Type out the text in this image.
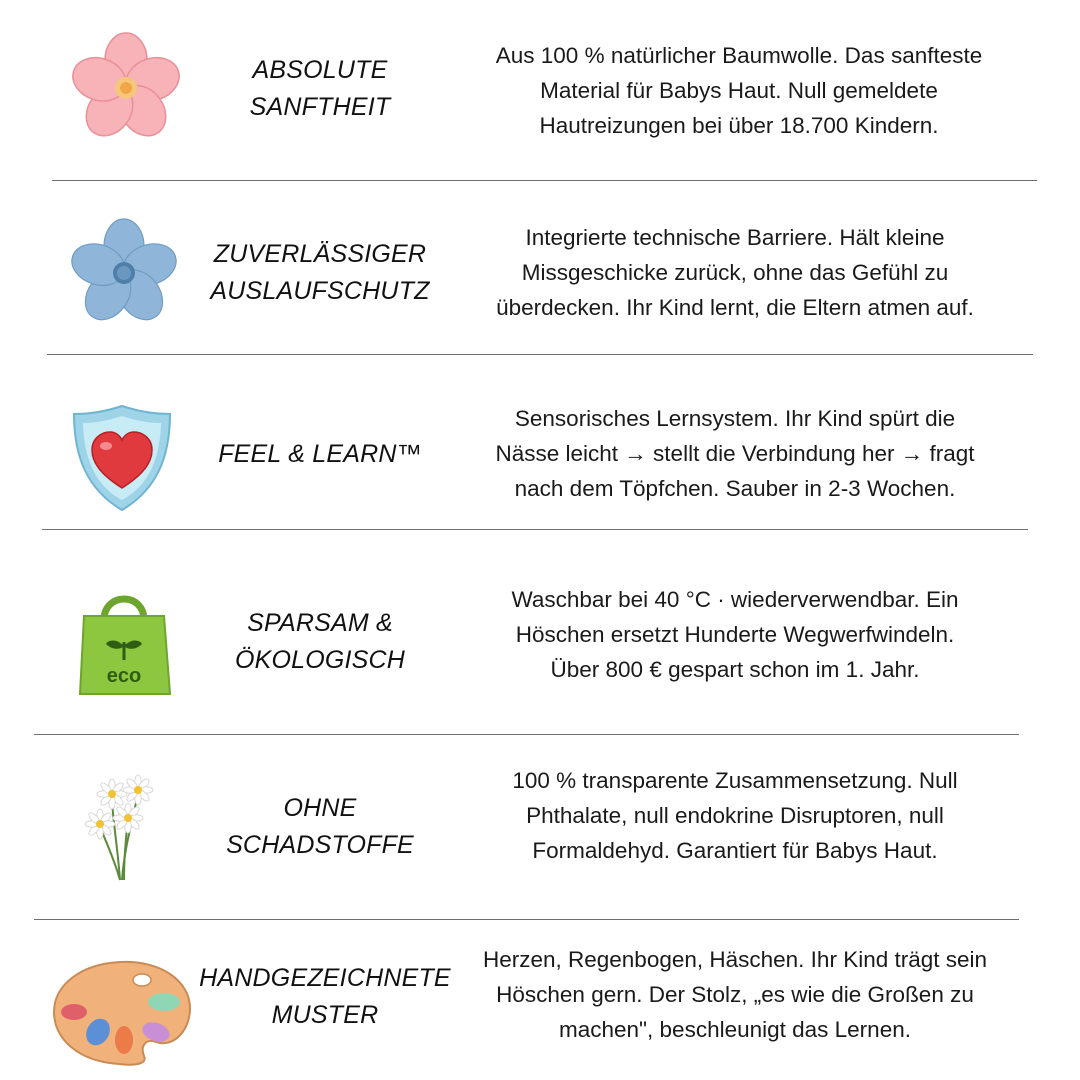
ABSOLUTE
SANFTHEIT
Aus 100 % natürlicher Baumwolle. Das sanfteste
Material für Babys Haut. Null gemeldete
Hautreizungen bei über 18.700 Kindern.
ZUVERLÄSSIGER
AUSLAUFSCHUTZ
Integrierte technische Barriere. Hält kleine
Missgeschicke zurück, ohne das Gefühl zu
überdecken. Ihr Kind lernt, die Eltern atmen auf.
FEEL & LEARN™
Sensorisches Lernsystem. Ihr Kind spürt die
Nässe leicht → stellt die Verbindung her → fragt
nach dem Töpfchen. Sauber in 2-3 Wochen.
eco
SPARSAM &
ÖKOLOGISCH
Waschbar bei 40 °C · wiederverwendbar. Ein
Höschen ersetzt Hunderte Wegwerfwindeln.
Über 800 € gespart schon im 1. Jahr.
OHNE
SCHADSTOFFE
100 % transparente Zusammensetzung. Null
Phthalate, null endokrine Disruptoren, null
Formaldehyd. Garantiert für Babys Haut.
HANDGEZEICHNETE
MUSTER
Herzen, Regenbogen, Häschen. Ihr Kind trägt sein
Höschen gern. Der Stolz, „es wie die Großen zu
machen", beschleunigt das Lernen.
